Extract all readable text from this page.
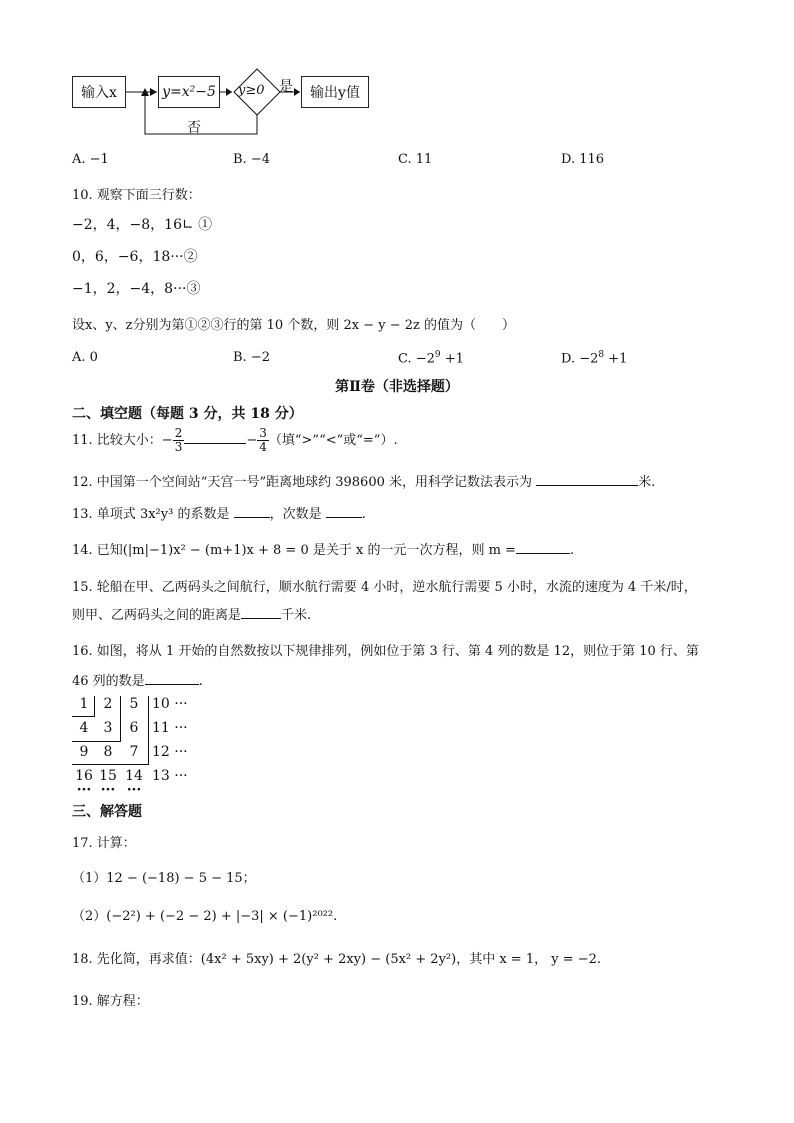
输入x	y=x²−5	y≥0 是	输出y值
否
A. −1	B. −4	C. 11	D. 116
10. 观察下面三行数：
−2，4，−8，16∟ ①
0，6，−6，18···②
−1，2，−4，8···③
设x、y、z分别为第①②③行的第 10 个数，则 2x − y − 2z 的值为（　　）
A. 0	B. −2	C. $-2^9 +1$	D. $-2^8 +1$
第Ⅱ卷（非选择题）
二、填空题（每题 3 分，共 18 分）
11. 比较大小：− $\frac{2}{3}$	− $\frac{3}{4}$ （填“>”“<”或“=”）.
12. 中国第一个空间站“天宫一号”距离地球约 398600 米，用科学记数法表示为	米.
13. 单项式 3x²y³ 的系数是	，次数是	.
14. 已知(|m|−1)x² − (m+1)x + 8 = 0 是关于 x 的一元一次方程，则 m =	.
15. 轮船在甲、乙两码头之间航行，顺水航行需要 4 小时，逆水航行需要 5 小时，水流的速度为 4 千米/时，
则甲、乙两码头之间的距离是	千米.
16. 如图，将从 1 开始的自然数按以下规律排列，例如位于第 3 行、第 4 列的数是 12，则位于第 10 行、第
46 列的数是	.
1	2	5 10 ···
4	3	6 11 ···
9	8	7 12 ···
16 15 14 13 ···
··· ··· ···
三、解答题
17. 计算：
（1）12 − (−18) − 5 − 15；
（2）(−2²) + (−2 − 2) + |−3| × (−1)²⁰²².
18. 先化简，再求值：(4x² + 5xy) + 2(y² + 2xy) − (5x² + 2y²)，其中 x = 1， y = −2.
19. 解方程：
